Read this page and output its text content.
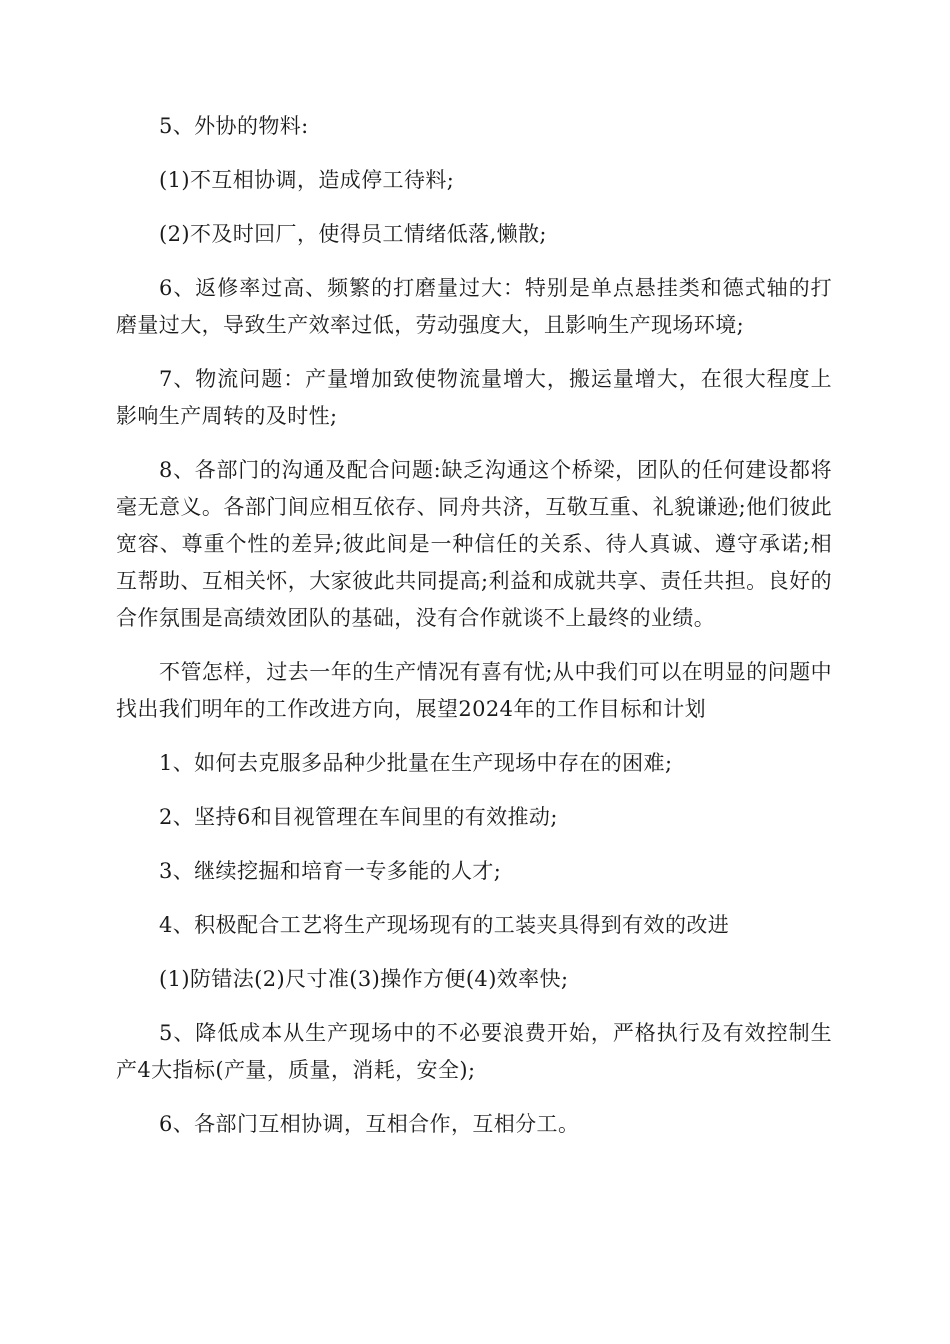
5、外协的物料:

(1)不互相协调，造成停工待料;

(2)不及时回厂，使得员工情绪低落,懒散;

6、返修率过高、频繁的打磨量过大：特别是单点悬挂类和德式轴的打磨量过大，导致生产效率过低，劳动强度大，且影响生产现场环境;

7、物流问题：产量增加致使物流量增大，搬运量增大，在很大程度上影响生产周转的及时性;

8、各部门的沟通及配合问题:缺乏沟通这个桥梁，团队的任何建设都将毫无意义。各部门间应相互依存、同舟共济，互敬互重、礼貌谦逊;他们彼此宽容、尊重个性的差异;彼此间是一种信任的关系、待人真诚、遵守承诺;相互帮助、互相关怀，大家彼此共同提高;利益和成就共享、责任共担。良好的合作氛围是高绩效团队的基础，没有合作就谈不上最终的业绩。

不管怎样，过去一年的生产情况有喜有忧;从中我们可以在明显的问题中找出我们明年的工作改进方向，展望2024年的工作目标和计划

1、如何去克服多品种少批量在生产现场中存在的困难;

2、坚持6和目视管理在车间里的有效推动;

3、继续挖掘和培育一专多能的人才;

4、积极配合工艺将生产现场现有的工装夹具得到有效的改进

(1)防错法(2)尺寸准(3)操作方便(4)效率快;

5、降低成本从生产现场中的不必要浪费开始，严格执行及有效控制生产4大指标(产量，质量，消耗，安全);

6、各部门互相协调，互相合作，互相分工。
